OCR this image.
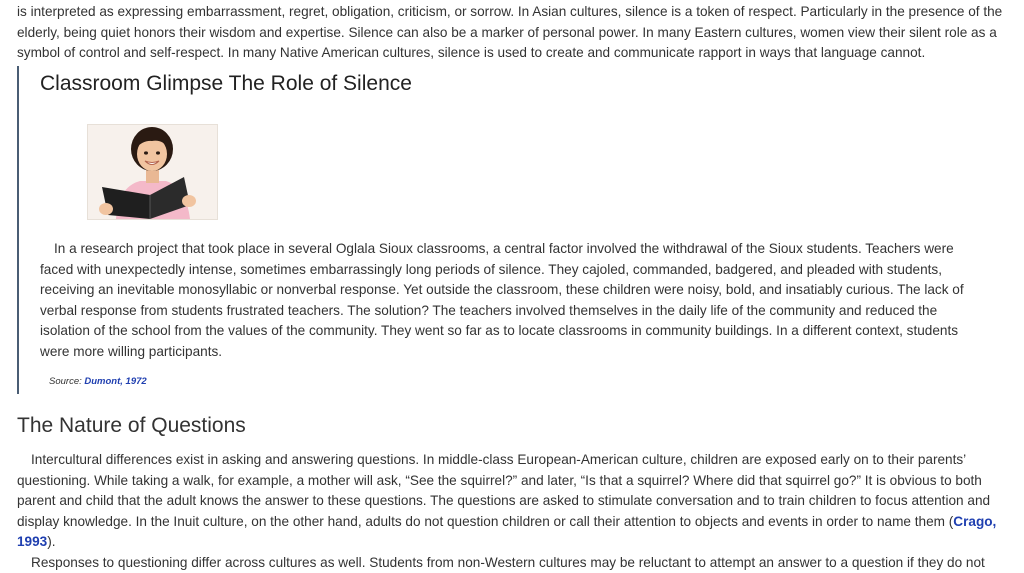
is interpreted as expressing embarrassment, regret, obligation, criticism, or sorrow. In Asian cultures, silence is a token of respect. Particularly in the presence of the elderly, being quiet honors their wisdom and expertise. Silence can also be a marker of personal power. In many Eastern cultures, women view their silent role as a symbol of control and self-respect. In many Native American cultures, silence is used to create and communicate rapport in ways that language cannot.

Classroom Glimpse The Role of Silence

In a research project that took place in several Oglala Sioux classrooms, a central factor involved the withdrawal of the Sioux students. Teachers were faced with unexpectedly intense, sometimes embarrassingly long periods of silence. They cajoled, commanded, badgered, and pleaded with students, receiving an inevitable monosyllabic or nonverbal response. Yet outside the classroom, these children were noisy, bold, and insatiably curious. The lack of verbal response from students frustrated teachers. The solution? The teachers involved themselves in the daily life of the community and reduced the isolation of the school from the values of the community. They went so far as to locate classrooms in community buildings. In a different context, students were more willing participants.

Source: Dumont, 1972
The Nature of Questions

Intercultural differences exist in asking and answering questions. In middle-class European-American culture, children are exposed early on to their parents’ questioning. While taking a walk, for example, a mother will ask, “See the squirrel?” and later, “Is that a squirrel? Where did that squirrel go?” It is obvious to both parent and child that the adult knows the answer to these questions. The questions are asked to stimulate conversation and to train children to focus attention and display knowledge. In the Inuit culture, on the other hand, adults do not question children or call their attention to objects and events in order to name them (Crago, 1993).

Responses to questioning differ across cultures as well. Students from non-Western cultures may be reluctant to attempt an answer to a question if they do not
